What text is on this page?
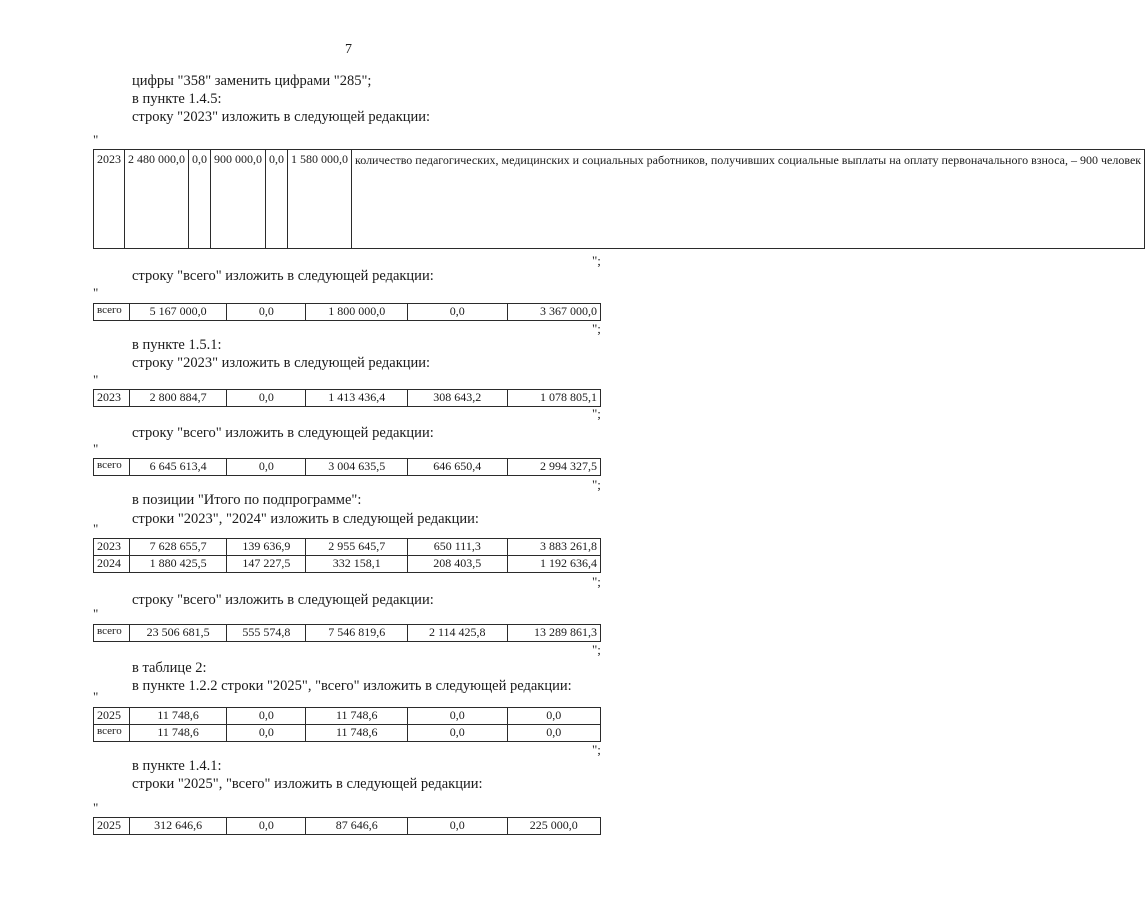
7
цифры "358" заменить цифрами "285";
в пункте 1.4.5:
строку "2023" изложить в следующей редакции:
"
2023	2 480 000,0	0,0	900 000,0	0,0	1 580 000,0	количество педагогических, медицинских и социальных работников, получивших социальные выплаты на оплату первоначального взноса, – 900 человек
";
строку "всего" изложить в следующей редакции:
"
всего	5 167 000,0	0,0	1 800 000,0	0,0	3 367 000,0
";
в пункте 1.5.1:
строку "2023" изложить в следующей редакции:
"
2023	2 800 884,7	0,0	1 413 436,4	308 643,2	1 078 805,1
";
строку "всего" изложить в следующей редакции:
"
всего	6 645 613,4	0,0	3 004 635,5	646 650,4	2 994 327,5
";
в позиции "Итого по подпрограмме":
строки "2023", "2024" изложить в следующей редакции:
"
2023	7 628 655,7	139 636,9	2 955 645,7	650 111,3	3 883 261,8
2024	1 880 425,5	147 227,5	332 158,1	208 403,5	1 192 636,4
";
строку "всего" изложить в следующей редакции:
"
всего	23 506 681,5	555 574,8	7 546 819,6	2 114 425,8	13 289 861,3
";
в таблице 2:
в пункте 1.2.2 строки "2025", "всего" изложить в следующей редакции:
"
2025	11 748,6	0,0	11 748,6	0,0	0,0
всего	11 748,6	0,0	11 748,6	0,0	0,0
";
в пункте 1.4.1:
строки "2025", "всего" изложить в следующей редакции:
"
2025	312 646,6	0,0	87 646,6	0,0	225 000,0
